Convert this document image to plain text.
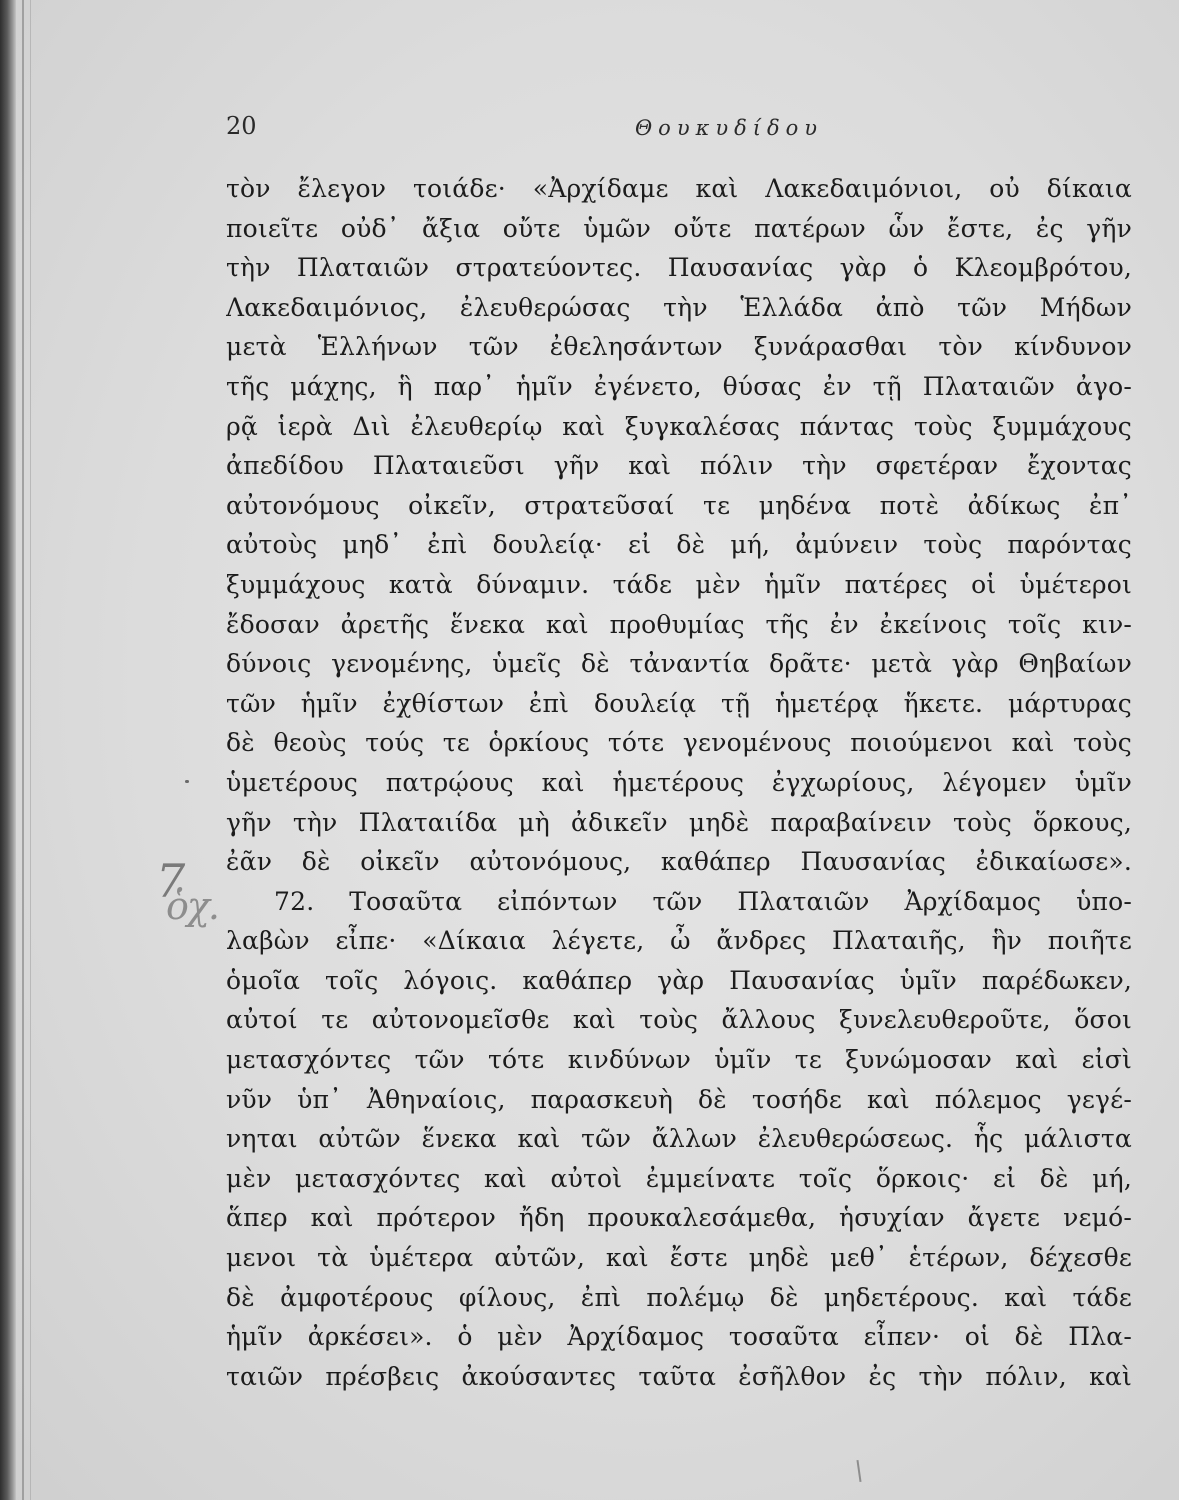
20	Θουκυδίδου
7
ὁχ.
τὸν ἔλεγον τοιάδε· «Ἀρχίδαμε καὶ Λακεδαιμόνιοι, οὐ δίκαια
ποιεῖτε οὐδ᾽ ἄξια οὔτε ὑμῶν οὔτε πατέρων ὧν ἔστε, ἐς γῆν
τὴν Πλαταιῶν στρατεύοντες. Παυσανίας γὰρ ὁ Κλεομβρότου,
Λακεδαιμόνιος, ἐλευθερώσας τὴν Ἑλλάδα ἀπὸ τῶν Μήδων
μετὰ Ἑλλήνων τῶν ἐθελησάντων ξυνάρασθαι τὸν κίνδυνον
τῆς μάχης, ἣ παρ᾽ ἡμῖν ἐγένετο, θύσας ἐν τῇ Πλαταιῶν ἀγο-
ρᾷ ἱερὰ Διὶ ἐλευθερίῳ καὶ ξυγκαλέσας πάντας τοὺς ξυμμάχους
ἀπεδίδου Πλαταιεῦσι γῆν καὶ πόλιν τὴν σφετέραν ἔχοντας
αὐτονόμους οἰκεῖν, στρατεῦσαί τε μηδένα ποτὲ ἀδίκως ἐπ᾽
αὐτοὺς μηδ᾽ ἐπὶ δουλείᾳ· εἰ δὲ μή, ἀμύνειν τοὺς παρόντας
ξυμμάχους κατὰ δύναμιν. τάδε μὲν ἡμῖν πατέρες οἱ ὑμέτεροι
ἔδοσαν ἀρετῆς ἕνεκα καὶ προθυμίας τῆς ἐν ἐκείνοις τοῖς κιν-
δύνοις γενομένης, ὑμεῖς δὲ τἀναντία δρᾶτε· μετὰ γὰρ Θηβαίων
τῶν ἡμῖν ἐχθίστων ἐπὶ δουλείᾳ τῇ ἡμετέρᾳ ἥκετε. μάρτυρας
δὲ θεοὺς τούς τε ὁρκίους τότε γενομένους ποιούμενοι καὶ τοὺς
ὑμετέρους πατρῴους καὶ ἡμετέρους ἐγχωρίους, λέγομεν ὑμῖν
γῆν τὴν Πλαταιίδα μὴ ἀδικεῖν μηδὲ παραβαίνειν τοὺς ὅρκους,
ἐᾶν δὲ οἰκεῖν αὐτονόμους, καθάπερ Παυσανίας ἐδικαίωσε».
72. Τοσαῦτα εἰπόντων τῶν Πλαταιῶν Ἀρχίδαμος ὑπο-
λαβὼν εἶπε· «Δίκαια λέγετε, ὦ ἄνδρες Πλαταιῆς, ἣν ποιῆτε
ὁμοῖα τοῖς λόγοις. καθάπερ γὰρ Παυσανίας ὑμῖν παρέδωκεν,
αὐτοί τε αὐτονομεῖσθε καὶ τοὺς ἄλλους ξυνελευθεροῦτε, ὅσοι
μετασχόντες τῶν τότε κινδύνων ὑμῖν τε ξυνώμοσαν καὶ εἰσὶ
νῦν ὑπ᾽ Ἀθηναίοις, παρασκευὴ δὲ τοσήδε καὶ πόλεμος γεγέ-
νηται αὐτῶν ἕνεκα καὶ τῶν ἄλλων ἐλευθερώσεως. ἧς μάλιστα
μὲν μετασχόντες καὶ αὐτοὶ ἐμμείνατε τοῖς ὅρκοις· εἰ δὲ μή,
ἅπερ καὶ πρότερον ἤδη προυκαλεσάμεθα, ἡσυχίαν ἄγετε νεμό-
μενοι τὰ ὑμέτερα αὐτῶν, καὶ ἔστε μηδὲ μεθ᾽ ἑτέρων, δέχεσθε
δὲ ἀμφοτέρους φίλους, ἐπὶ πολέμῳ δὲ μηδετέρους. καὶ τάδε
ἡμῖν ἀρκέσει». ὁ μὲν Ἀρχίδαμος τοσαῦτα εἶπεν· οἱ δὲ Πλα-
ταιῶν πρέσβεις ἀκούσαντες ταῦτα ἐσῆλθον ἐς τὴν πόλιν, καὶ
